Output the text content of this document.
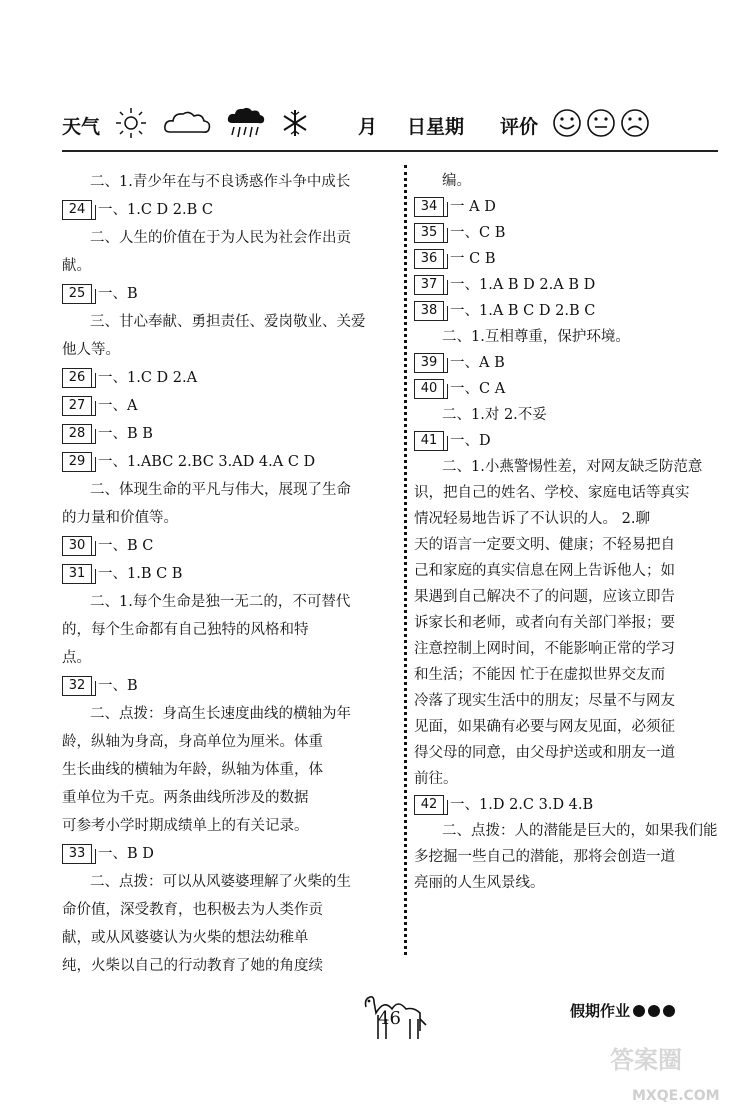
天气	月 日星期 评价
二、1.青少年在与不良诱惑作斗争中成长
24 一、1.C D 2.B C
二、人生的价值在于为人民为社会作出贡
献。
25 一、B
三、甘心奉献、勇担责任、爱岗敬业、关爱
他人等。
26 一、1.C D 2.A
27 一、A
28 一、B B
29 一、1.ABC 2.BC 3.AD 4.A C D
二、体现生命的平凡与伟大，展现了生命
的力量和价值等。
30 一、B C
31 一、1.B C B
二、1.每个生命是独一无二的，不可替代
的，每个生命都有自己独特的风格和特
点。
32 一、B
二、点拨：身高生长速度曲线的横轴为年
龄，纵轴为身高，身高单位为厘米。体重
生长曲线的横轴为年龄，纵轴为体重，体
重单位为千克。两条曲线所涉及的数据
可参考小学时期成绩单上的有关记录。
33 一、B D
二、点拨：可以从风婆婆理解了火柴的生
命价值，深受教育，也积极去为人类作贡
献，或从风婆婆认为火柴的想法幼稚单
纯，火柴以自己的行动教育了她的角度续
编。
34 一 A D
35 一、C B
36 一 C B
37 一、1.A B D 2.A B D
38 一、1.A B C D 2.B C
二、1.互相尊重，保护环境。
39 一、A B
40 一、C A
二、1.对 2.不妥
41 一、D
二、1.小燕警惕性差，对网友缺乏防范意
识，把自己的姓名、学校、家庭电话等真实
情况轻易地告诉了不认识的人。 2.聊
天的语言一定要文明、健康；不轻易把自
己和家庭的真实信息在网上告诉他人；如
果遇到自己解决不了的问题，应该立即告
诉家长和老师，或者向有关部门举报；要
注意控制上网时间，不能影响正常的学习
和生活；不能因 忙于在虚拟世界交友而
冷落了现实生活中的朋友；尽量不与网友
见面，如果确有必要与网友见面，必须征
得父母的同意，由父母护送或和朋友一道
前往。
42 一、1.D 2.C 3.D 4.B
二、点拨：人的潜能是巨大的，如果我们能
多挖掘一些自己的潜能，那将会创造一道
亮丽的人生风景线。
46	假期作业
答案圈
MXQE.COM
